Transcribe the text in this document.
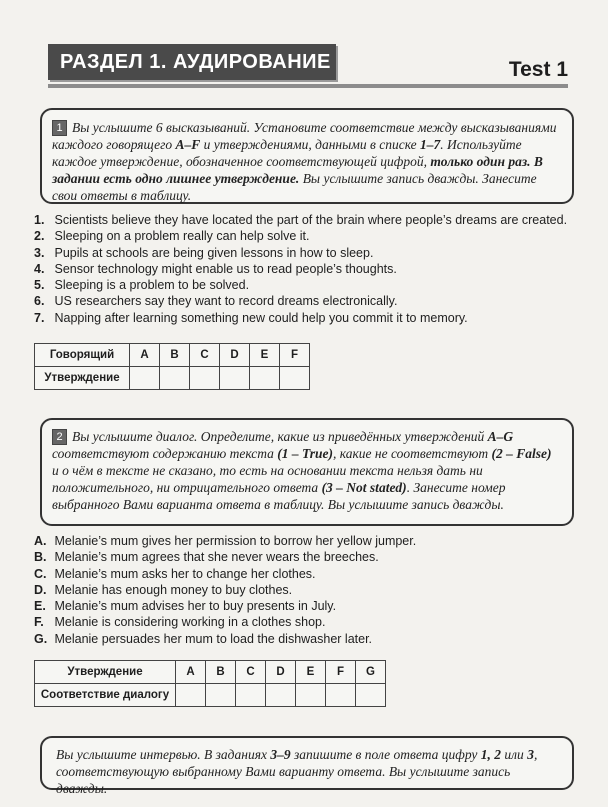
РАЗДЕЛ 1. АУДИРОВАНИЕ	Test 1
1 Вы услышите 6 высказываний. Установите соответствие между высказываниями каждого говорящего A–F и утверждениями, данными в списке 1–7. Используйте каждое утверждение, обозначенное соответствующей цифрой, только один раз. В задании есть одно лишнее утверждение. Вы услышите запись дважды. Занесите свои ответы в таблицу.
1. Scientists believe they have located the part of the brain where people’s dreams are created.
2. Sleeping on a problem really can help solve it.
3. Pupils at schools are being given lessons in how to sleep.
4. Sensor technology might enable us to read people’s thoughts.
5. Sleeping is a problem to be solved.
6. US researchers say they want to record dreams electronically.
7. Napping after learning something new could help you commit it to memory.
Говорящий	A	B	C	D	E	F
Утверждение						
2 Вы услышите диалог. Определите, какие из приведённых утверждений A–G соответствуют содержанию текста (1 – True), какие не соответствуют (2 – False) и о чём в тексте не сказано, то есть на основании текста нельзя дать ни положительного, ни отрицательного ответа (3 – Not stated). Занесите номер выбранного Вами варианта ответа в таблицу. Вы услышите запись дважды.
A. Melanie’s mum gives her permission to borrow her yellow jumper.
B. Melanie’s mum agrees that she never wears the breeches.
C. Melanie’s mum asks her to change her clothes.
D. Melanie has enough money to buy clothes.
E. Melanie’s mum advises her to buy presents in July.
F. Melanie is considering working in a clothes shop.
G. Melanie persuades her mum to load the dishwasher later.
Утверждение	A	B	C	D	E	F	G
Соответствие диалогу							
Вы услышите интервью. В заданиях 3–9 запишите в поле ответа цифру 1, 2 или 3, соответствующую выбранному Вами варианту ответа. Вы услышите запись дважды.
